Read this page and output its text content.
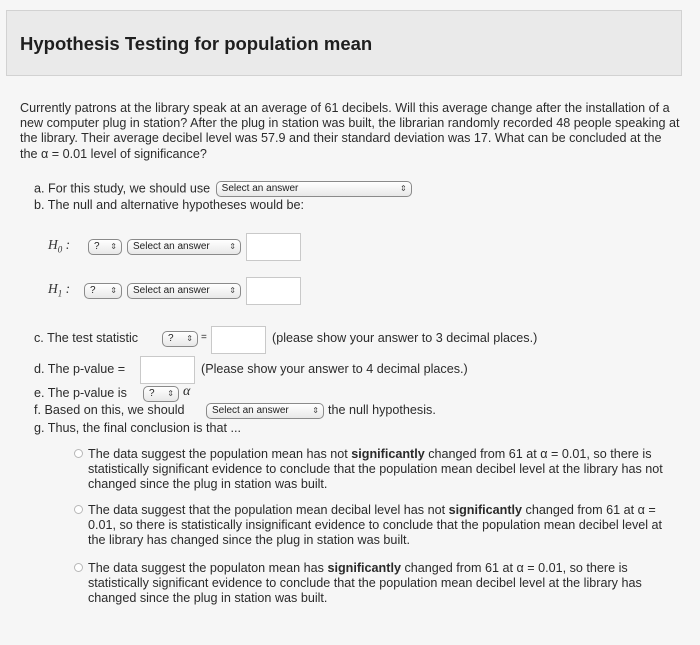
Hypothesis Testing for population mean
Currently patrons at the library speak at an average of 61 decibels. Will this average change after the installation of a new computer plug in station? After the plug in station was built, the librarian randomly recorded 48 people speaking at the library. Their average decibel level was 57.9 and their standard deviation was 17. What can be concluded at the the α = 0.01 level of significance?
a. For this study, we should use Select an answer	⇕
b. The null and alternative hypotheses would be:
$H_0$ :	? ⇕	Select an answer ⇕
$H_1$ :	? ⇕	Select an answer ⇕
c. The test statistic	? ⇕ =	(please show your answer to 3 decimal places.)
d. The p-value =	(Please show your answer to 4 decimal places.)
e. The p-value is	? ⇕ α
f. Based on this, we should	Select an answer	⇕ the null hypothesis.
g. Thus, the final conclusion is that ...
The data suggest the population mean has not significantly changed from 61 at α = 0.01, so there is statistically significant evidence to conclude that the population mean decibel level at the library has not changed since the plug in station was built.
The data suggest that the population mean decibal level has not significantly changed from 61 at α = 0.01, so there is statistically insignificant evidence to conclude that the population mean decibel level at the library has changed since the plug in station was built.
The data suggest the populaton mean has significantly changed from 61 at α = 0.01, so there is statistically significant evidence to conclude that the population mean decibel level at the library has changed since the plug in station was built.
